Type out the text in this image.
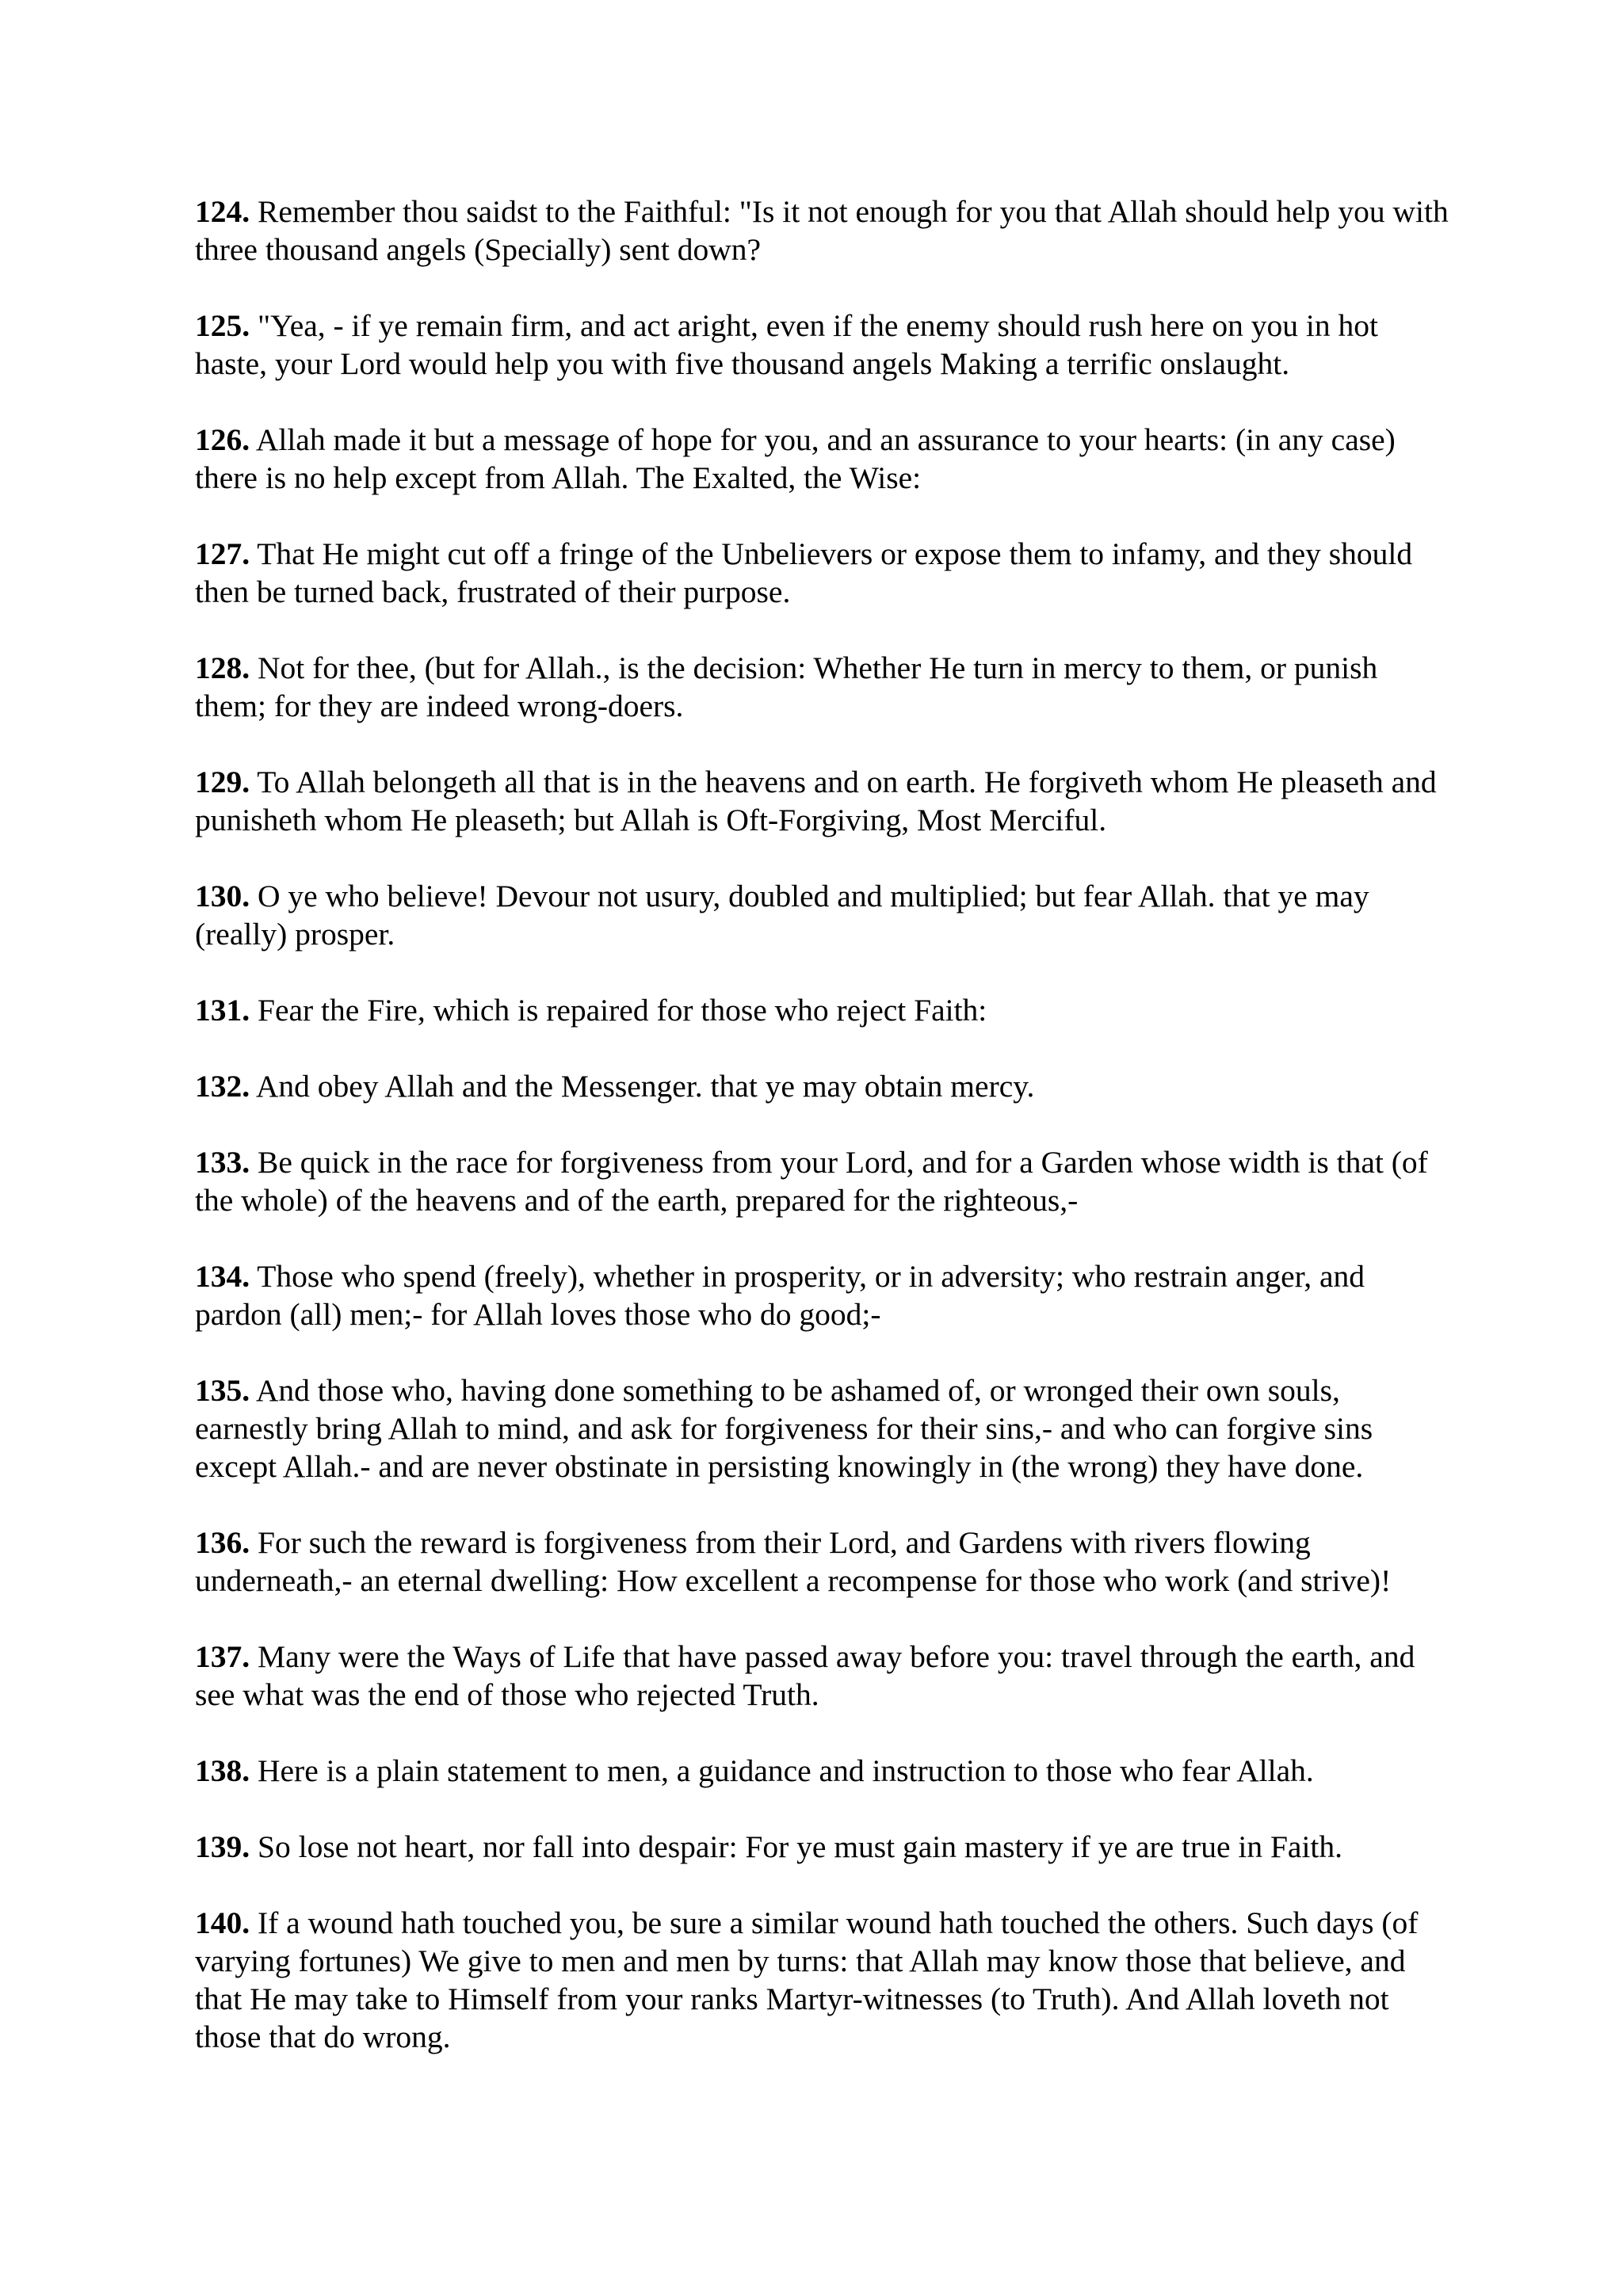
124. Remember thou saidst to the Faithful: "Is it not enough for you that Allah should help you with three thousand angels (Specially) sent down?

125. "Yea, - if ye remain firm, and act aright, even if the enemy should rush here on you in hot haste, your Lord would help you with five thousand angels Making a terrific onslaught.

126. Allah made it but a message of hope for you, and an assurance to your hearts: (in any case) there is no help except from Allah. The Exalted, the Wise:

127. That He might cut off a fringe of the Unbelievers or expose them to infamy, and they should then be turned back, frustrated of their purpose.

128. Not for thee, (but for Allah., is the decision: Whether He turn in mercy to them, or punish them; for they are indeed wrong-doers.

129. To Allah belongeth all that is in the heavens and on earth. He forgiveth whom He pleaseth and punisheth whom He pleaseth; but Allah is Oft-Forgiving, Most Merciful.

130. O ye who believe! Devour not usury, doubled and multiplied; but fear Allah. that ye may (really) prosper.

131. Fear the Fire, which is repaired for those who reject Faith:

132. And obey Allah and the Messenger. that ye may obtain mercy.

133. Be quick in the race for forgiveness from your Lord, and for a Garden whose width is that (of the whole) of the heavens and of the earth, prepared for the righteous,-

134. Those who spend (freely), whether in prosperity, or in adversity; who restrain anger, and pardon (all) men;- for Allah loves those who do good;-

135. And those who, having done something to be ashamed of, or wronged their own souls, earnestly bring Allah to mind, and ask for forgiveness for their sins,- and who can forgive sins except Allah.- and are never obstinate in persisting knowingly in (the wrong) they have done.

136. For such the reward is forgiveness from their Lord, and Gardens with rivers flowing underneath,- an eternal dwelling: How excellent a recompense for those who work (and strive)!

137. Many were the Ways of Life that have passed away before you: travel through the earth, and see what was the end of those who rejected Truth.

138. Here is a plain statement to men, a guidance and instruction to those who fear Allah.

139. So lose not heart, nor fall into despair: For ye must gain mastery if ye are true in Faith.

140. If a wound hath touched you, be sure a similar wound hath touched the others. Such days (of varying fortunes) We give to men and men by turns: that Allah may know those that believe, and that He may take to Himself from your ranks Martyr-witnesses (to Truth). And Allah loveth not those that do wrong.
